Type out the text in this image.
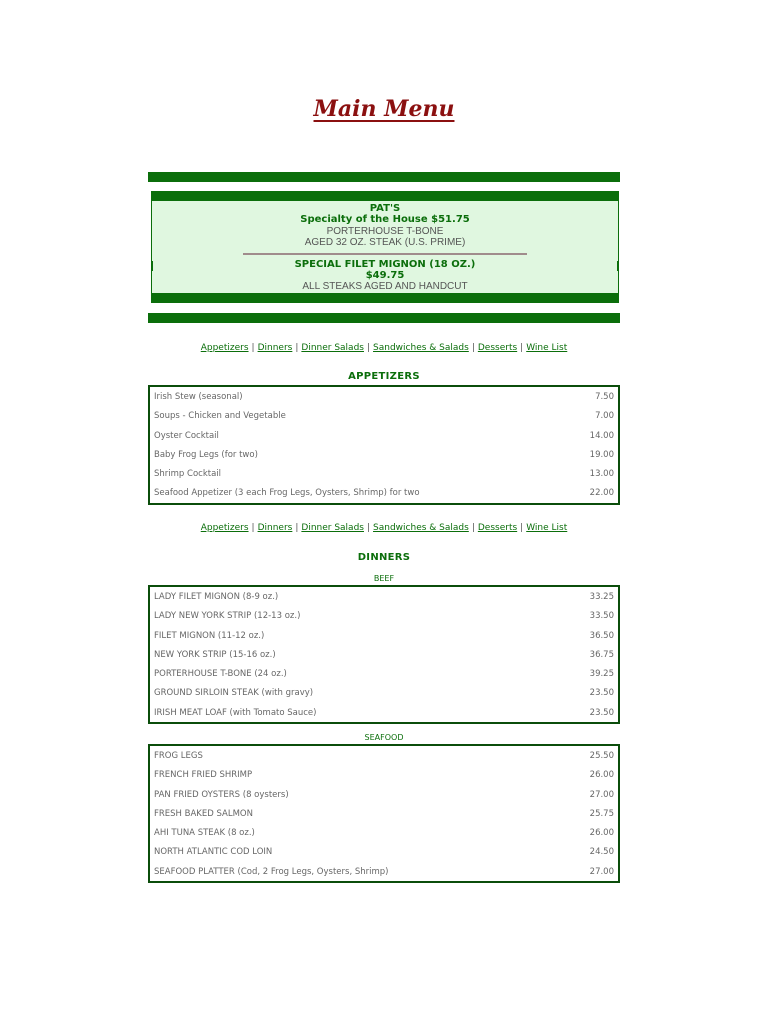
Main Menu
PAT'S
Specialty of the House $51.75
PORTERHOUSE T-BONE
AGED 32 OZ. STEAK (U.S. PRIME)
SPECIAL FILET MIGNON (18 OZ.)
$49.75
ALL STEAKS AGED AND HANDCUT
Appetizers | Dinners | Dinner Salads | Sandwiches & Salads | Desserts | Wine List
APPETIZERS
Irish Stew (seasonal)	7.50
Soups - Chicken and Vegetable	7.00
Oyster Cocktail	14.00
Baby Frog Legs (for two)	19.00
Shrimp Cocktail	13.00
Seafood Appetizer (3 each Frog Legs, Oysters, Shrimp) for two	22.00
Appetizers | Dinners | Dinner Salads | Sandwiches & Salads | Desserts | Wine List
DINNERS
BEEF
LADY FILET MIGNON (8-9 oz.)	33.25
LADY NEW YORK STRIP (12-13 oz.)	33.50
FILET MIGNON (11-12 oz.)	36.50
NEW YORK STRIP (15-16 oz.)	36.75
PORTERHOUSE T-BONE (24 oz.)	39.25
GROUND SIRLOIN STEAK (with gravy)	23.50
IRISH MEAT LOAF (with Tomato Sauce)	23.50
SEAFOOD
FROG LEGS	25.50
FRENCH FRIED SHRIMP	26.00
PAN FRIED OYSTERS (8 oysters)	27.00
FRESH BAKED SALMON	25.75
AHI TUNA STEAK (8 oz.)	26.00
NORTH ATLANTIC COD LOIN	24.50
SEAFOOD PLATTER (Cod, 2 Frog Legs, Oysters, Shrimp)	27.00
